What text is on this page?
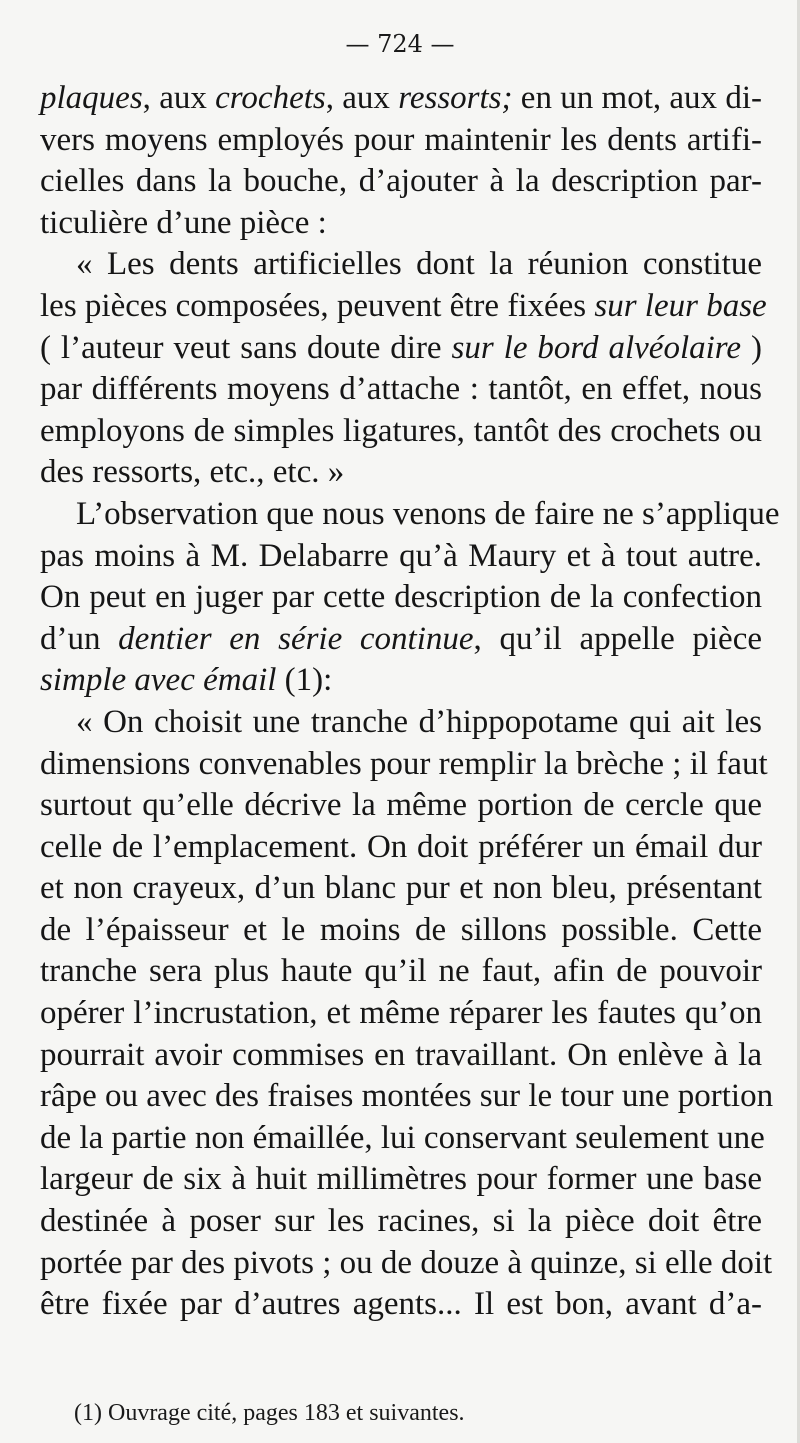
— 724 —
plaques, aux crochets, aux ressorts; en un mot, aux di-
vers moyens employés pour maintenir les dents artifi-
cielles dans la bouche, d’ajouter à la description par-
ticulière d’une pièce :
« Les dents artificielles dont la réunion constitue
les pièces composées, peuvent être fixées sur leur base
( l’auteur veut sans doute dire sur le bord alvéolaire )
par différents moyens d’attache : tantôt, en effet, nous
employons de simples ligatures, tantôt des crochets ou
des ressorts, etc., etc. »
L’observation que nous venons de faire ne s’applique
pas moins à M. Delabarre qu’à Maury et à tout autre.
On peut en juger par cette description de la confection
d’un dentier en série continue, qu’il appelle pièce
simple avec émail (1):
« On choisit une tranche d’hippopotame qui ait les
dimensions convenables pour remplir la brèche ; il faut
surtout qu’elle décrive la même portion de cercle que
celle de l’emplacement. On doit préférer un émail dur
et non crayeux, d’un blanc pur et non bleu, présentant
de l’épaisseur et le moins de sillons possible. Cette
tranche sera plus haute qu’il ne faut, afin de pouvoir
opérer l’incrustation, et même réparer les fautes qu’on
pourrait avoir commises en travaillant. On enlève à la
râpe ou avec des fraises montées sur le tour une portion
de la partie non émaillée, lui conservant seulement une
largeur de six à huit millimètres pour former une base
destinée à poser sur les racines, si la pièce doit être
portée par des pivots ; ou de douze à quinze, si elle doit
être fixée par d’autres agents... Il est bon, avant d’a-
(1) Ouvrage cité, pages 183 et suivantes.
